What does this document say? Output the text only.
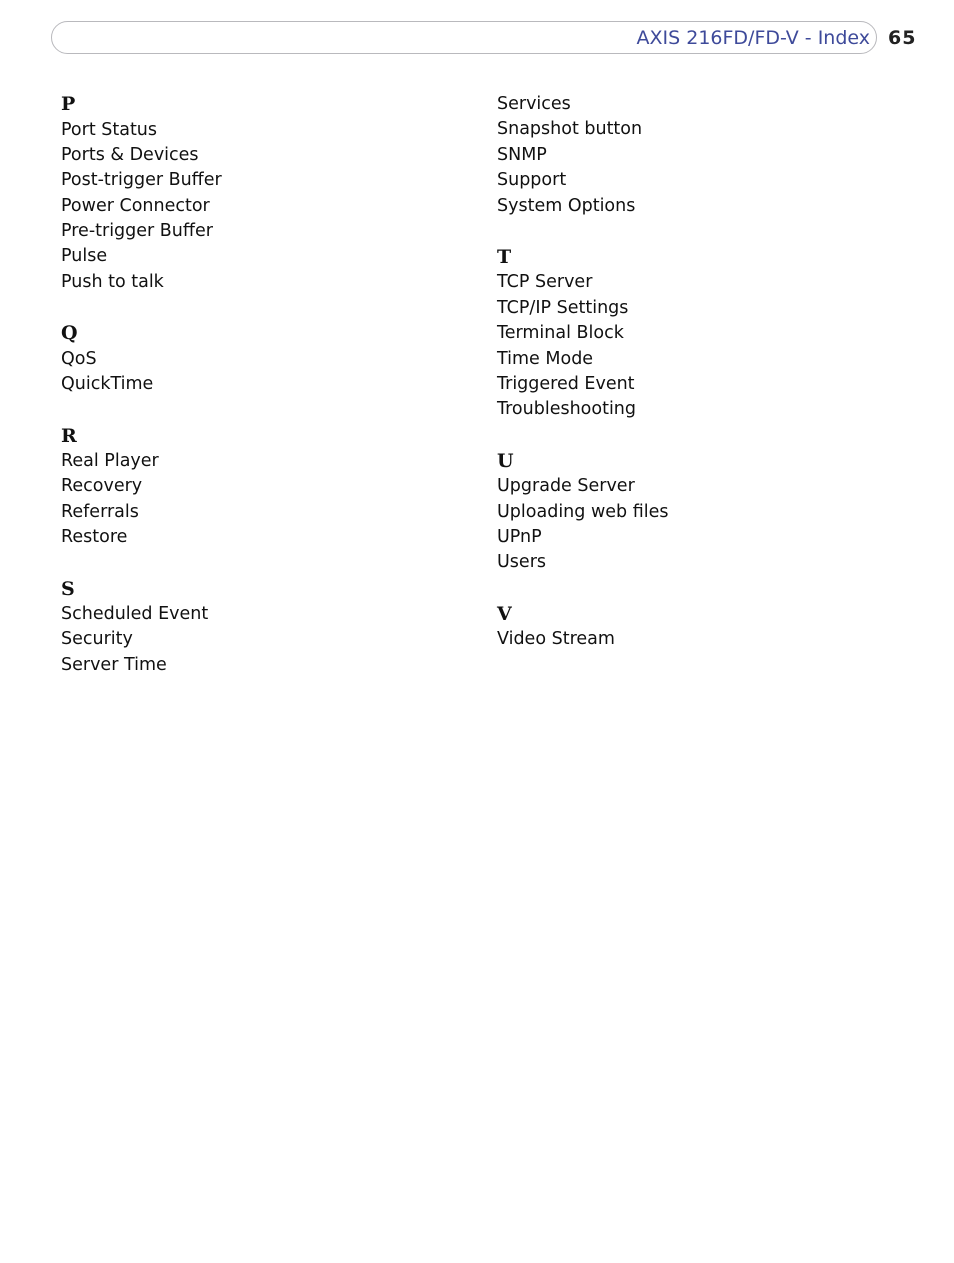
AXIS 216FD/FD-V - Index 65
P
Port Status
Ports & Devices
Post-trigger Buffer
Power Connector
Pre-trigger Buffer
Pulse
Push to talk
Q
QoS
QuickTime
R
Real Player
Recovery
Referrals
Restore
S
Scheduled Event
Security
Server Time
Services
Snapshot button
SNMP
Support
System Options
T
TCP Server
TCP/IP Settings
Terminal Block
Time Mode
Triggered Event
Troubleshooting
U
Upgrade Server
Uploading web files
UPnP
Users
V
Video Stream
